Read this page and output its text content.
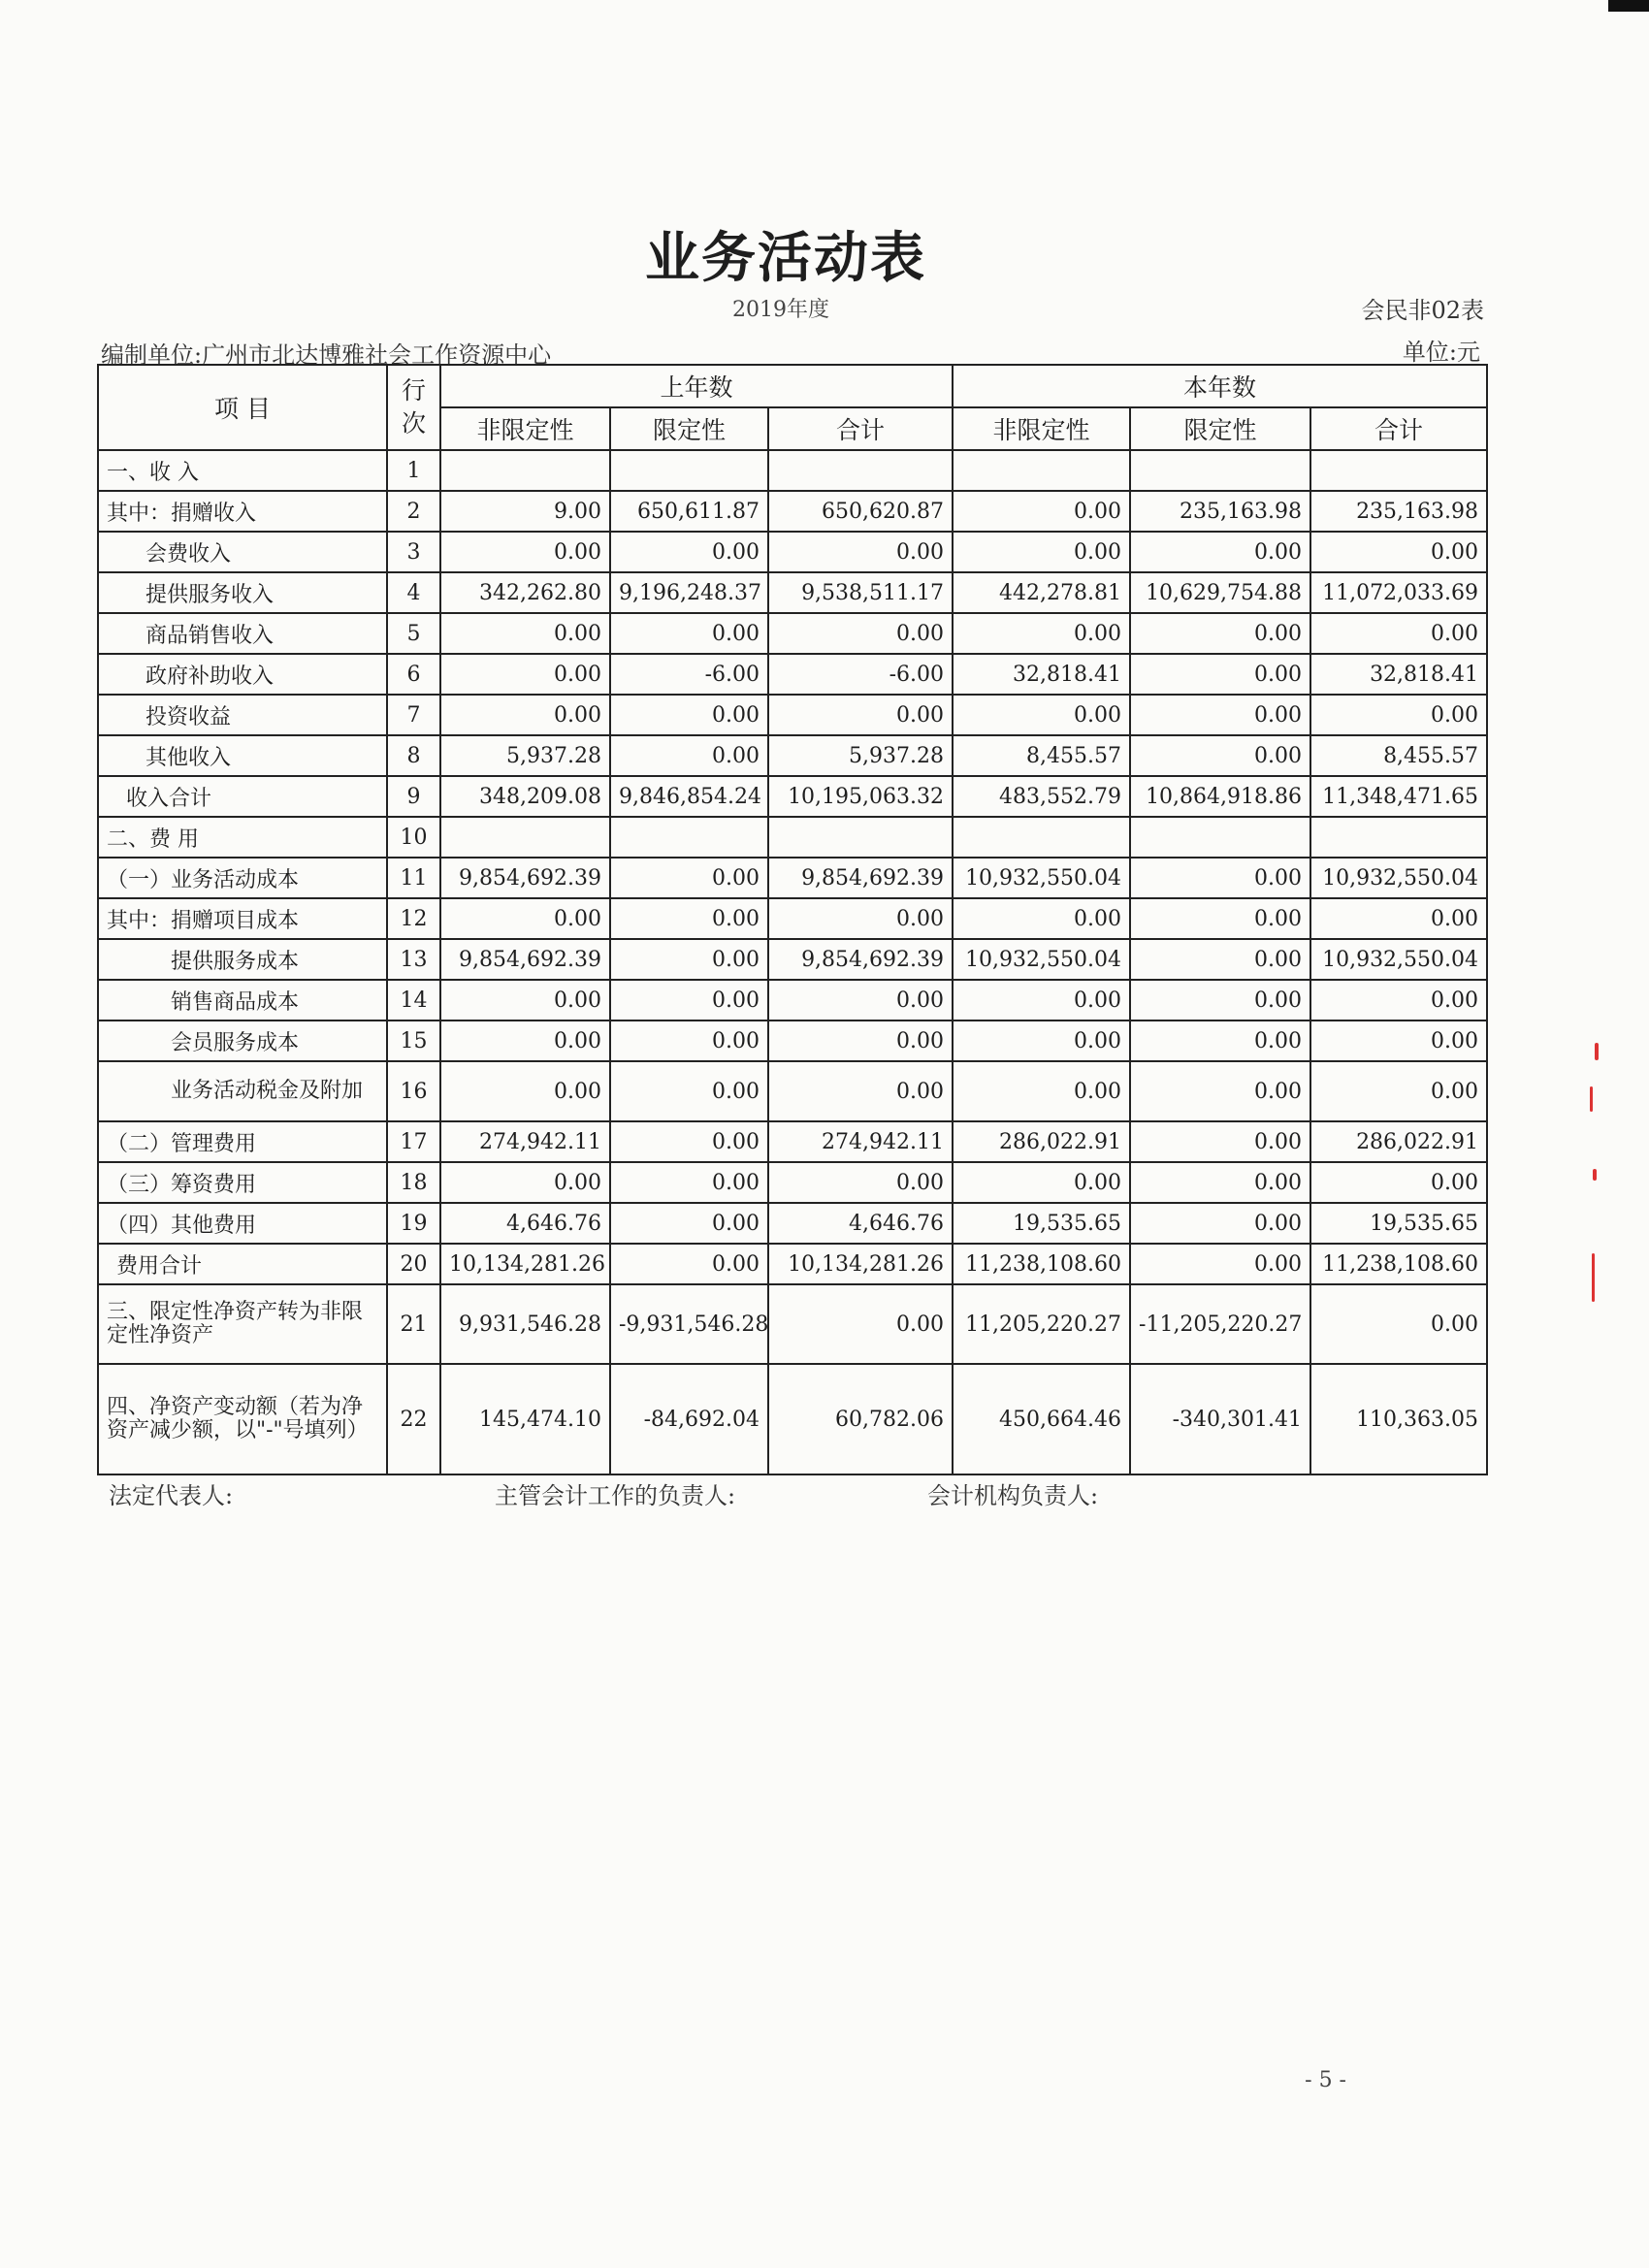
业务活动表
2019年度	会民非02表
编制单位:广州市北达博雅社会工作资源中心	单位:元
项 目	行次	上年数			本年数		
		非限定性	限定性	合计	非限定性	限定性	合计
一、收 入	1						
其中：捐赠收入	2	9.00	650,611.87	650,620.87	0.00	235,163.98	235,163.98
会费收入	3	0.00	0.00	0.00	0.00	0.00	0.00
提供服务收入	4	342,262.80	9,196,248.37	9,538,511.17	442,278.81	10,629,754.88	11,072,033.69
商品销售收入	5	0.00	0.00	0.00	0.00	0.00	0.00
政府补助收入	6	0.00	-6.00	-6.00	32,818.41	0.00	32,818.41
投资收益	7	0.00	0.00	0.00	0.00	0.00	0.00
其他收入	8	5,937.28	0.00	5,937.28	8,455.57	0.00	8,455.57
收入合计	9	348,209.08	9,846,854.24	10,195,063.32	483,552.79	10,864,918.86	11,348,471.65
二、费 用	10						
（一）业务活动成本	11	9,854,692.39	0.00	9,854,692.39	10,932,550.04	0.00	10,932,550.04
其中：捐赠项目成本	12	0.00	0.00	0.00	0.00	0.00	0.00
提供服务成本	13	9,854,692.39	0.00	9,854,692.39	10,932,550.04	0.00	10,932,550.04
销售商品成本	14	0.00	0.00	0.00	0.00	0.00	0.00
会员服务成本	15	0.00	0.00	0.00	0.00	0.00	0.00
业务活动税金及附加	16	0.00	0.00	0.00	0.00	0.00	0.00
（二）管理费用	17	274,942.11	0.00	274,942.11	286,022.91	0.00	286,022.91
（三）筹资费用	18	0.00	0.00	0.00	0.00	0.00	0.00
（四）其他费用	19	4,646.76	0.00	4,646.76	19,535.65	0.00	19,535.65
费用合计	20	10,134,281.26	0.00	10,134,281.26	11,238,108.60	0.00	11,238,108.60
三、限定性净资产转为非限定性净资产	21	9,931,546.28	-9,931,546.28	0.00	11,205,220.27	-11,205,220.27	0.00
四、净资产变动额（若为净资产减少额，以"-"号填列）	22	145,474.10	-84,692.04	60,782.06	450,664.46	-340,301.41	110,363.05
法定代表人:	主管会计工作的负责人:	会计机构负责人:
- 5 -
